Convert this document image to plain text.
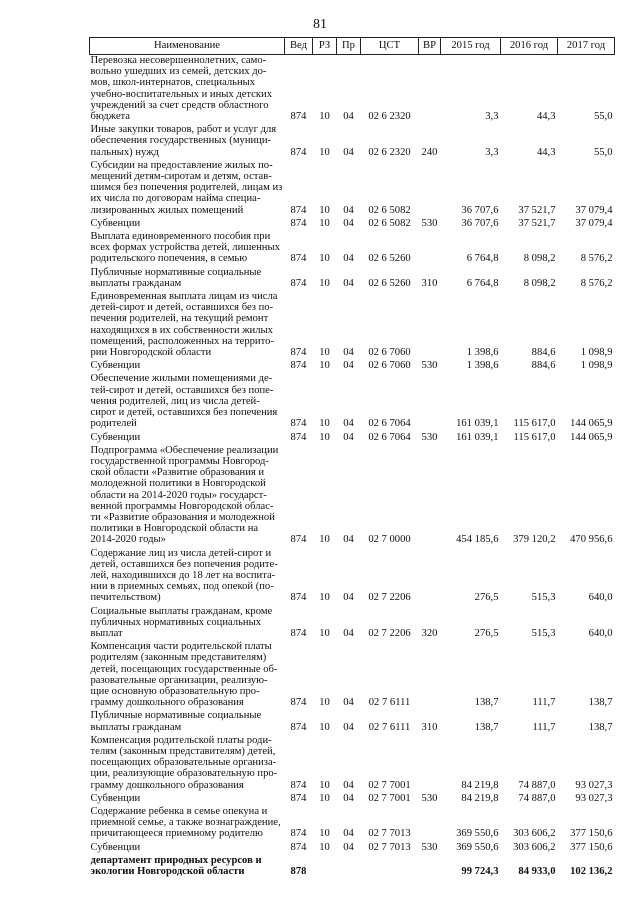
81
Наименование	Вед	РЗ	Пр	ЦСТ	ВР	2015 год	2016 год	2017 год
Перевозка несовершеннолетних, само-вольно ушедших из семей, детских до-мов, школ-интернатов, специальных учебно-воспитательных и иных детских учреждений за счет средств областного бюджета	874	10	04	02 6 2320		3,3	44,3	55,0
Иные закупки товаров, работ и услуг для обеспечения государственных (муници-пальных) нужд	874	10	04	02 6 2320	240	3,3	44,3	55,0
Субсидии на предоставление жилых по-мещений детям-сиротам и детям, остав-шимся без попечения родителей, лицам из их числа по договорам найма специа-лизированных жилых помещений	874	10	04	02 6 5082		36 707,6	37 521,7	37 079,4
Субвенции	874	10	04	02 6 5082	530	36 707,6	37 521,7	37 079,4
Выплата единовременного пособия при всех формах устройства детей, лишенных родительского попечения, в семью	874	10	04	02 6 5260		6 764,8	8 098,2	8 576,2
Публичные нормативные социальные выплаты гражданам	874	10	04	02 6 5260	310	6 764,8	8 098,2	8 576,2
Единовременная выплата лицам из числа детей-сирот и детей, оставшихся без по-печения родителей, на текущий ремонт находящихся в их собственности жилых помещений, расположенных на террито-рии Новгородской области	874	10	04	02 6 7060		1 398,6	884,6	1 098,9
Субвенции	874	10	04	02 6 7060	530	1 398,6	884,6	1 098,9
Обеспечение жилыми помещениями де-тей-сирот и детей, оставшихся без попе-чения родителей, лиц из числа детей-сирот и детей, оставшихся без попечения родителей	874	10	04	02 6 7064		161 039,1	115 617,0	144 065,9
Субвенции	874	10	04	02 6 7064	530	161 039,1	115 617,0	144 065,9
Подпрограмма «Обеспечение реализации государственной программы Новгород-ской области «Развитие образования и молодежной политики в Новгородской области на 2014-2020 годы» государст-венной программы Новгородской облас-ти «Развитие образования и молодежной политики в Новгородской области на 2014-2020 годы»	874	10	04	02 7 0000		454 185,6	379 120,2	470 956,6
Содержание лиц из числа детей-сирот и детей, оставшихся без попечения родите-лей, находившихся до 18 лет на воспита-нии в приемных семьях, под опекой (по-печительством)	874	10	04	02 7 2206		276,5	515,3	640,0
Социальные выплаты гражданам, кроме публичных нормативных социальных выплат	874	10	04	02 7 2206	320	276,5	515,3	640,0
Компенсация части родительской платы родителям (законным представителям) детей, посещающих государственные об-разовательные организации, реализую-щие основную образовательную про-грамму дошкольного образования	874	10	04	02 7 6111		138,7	111,7	138,7
Публичные нормативные социальные выплаты гражданам	874	10	04	02 7 6111	310	138,7	111,7	138,7
Компенсация родительской платы роди-телям (законным представителям) детей, посещающих образовательные организа-ции, реализующие образовательную про-грамму дошкольного образования	874	10	04	02 7 7001		84 219,8	74 887,0	93 027,3
Субвенции	874	10	04	02 7 7001	530	84 219,8	74 887,0	93 027,3
Содержание ребенка в семье опекуна и приемной семье, а также вознаграждение, причитающееся приемному родителю	874	10	04	02 7 7013		369 550,6	303 606,2	377 150,6
Субвенции	874	10	04	02 7 7013	530	369 550,6	303 606,2	377 150,6
департамент природных ресурсов и экологии Новгородской области	878					99 724,3	84 933,0	102 136,2
